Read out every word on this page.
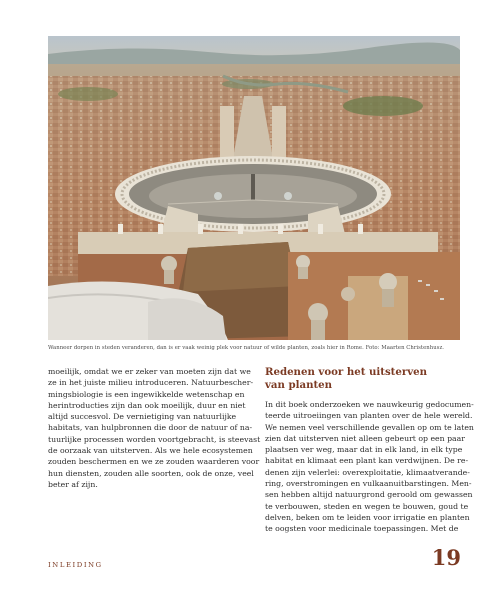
Wanneer dorpen in steden veranderen, dan is er vaak weinig plek voor natuur of wilde planten, zoals hier in Rome. Foto: Maarten Christenhusz.
moeilijk, omdat we er zeker van moeten zijn dat we
ze in het juiste milieu introduceren. Natuurbescher-
mingsbiologie is een ingewikkelde wetenschap en
herintroducties zijn dan ook moeilijk, duur en niet
altijd succesvol. De vernietiging van natuurlijke
habitats, van hulpbronnen die door de natuur of na-
tuurlijke processen worden voortgebracht, is steevast
de oorzaak van uitsterven. Als we hele ecosystemen
zouden beschermen en we ze zouden waarderen voor
hun diensten, zouden alle soorten, ook de onze, veel
beter af zijn.
Redenen voor het uitsterven
van planten
In dit boek onderzoeken we nauwkeurig gedocumen-
teerde uitroeiingen van planten over de hele wereld.
We nemen veel verschillende gevallen op om te laten
zien dat uitsterven niet alleen gebeurt op een paar
plaatsen ver weg, maar dat in elk land, in elk type
habitat en klimaat een plant kan verdwijnen. De re-
denen zijn velerlei: overexploitatie, klimaatverande-
ring, overstromingen en vulkaanuitbarstingen. Men-
sen hebben altijd natuurgrond geroold om gewassen
te verbouwen, steden en wegen te bouwen, goud te
delven, beken om te leiden voor irrigatie en planten
te oogsten voor medicinale toepassingen. Met de
INLEIDING	19
